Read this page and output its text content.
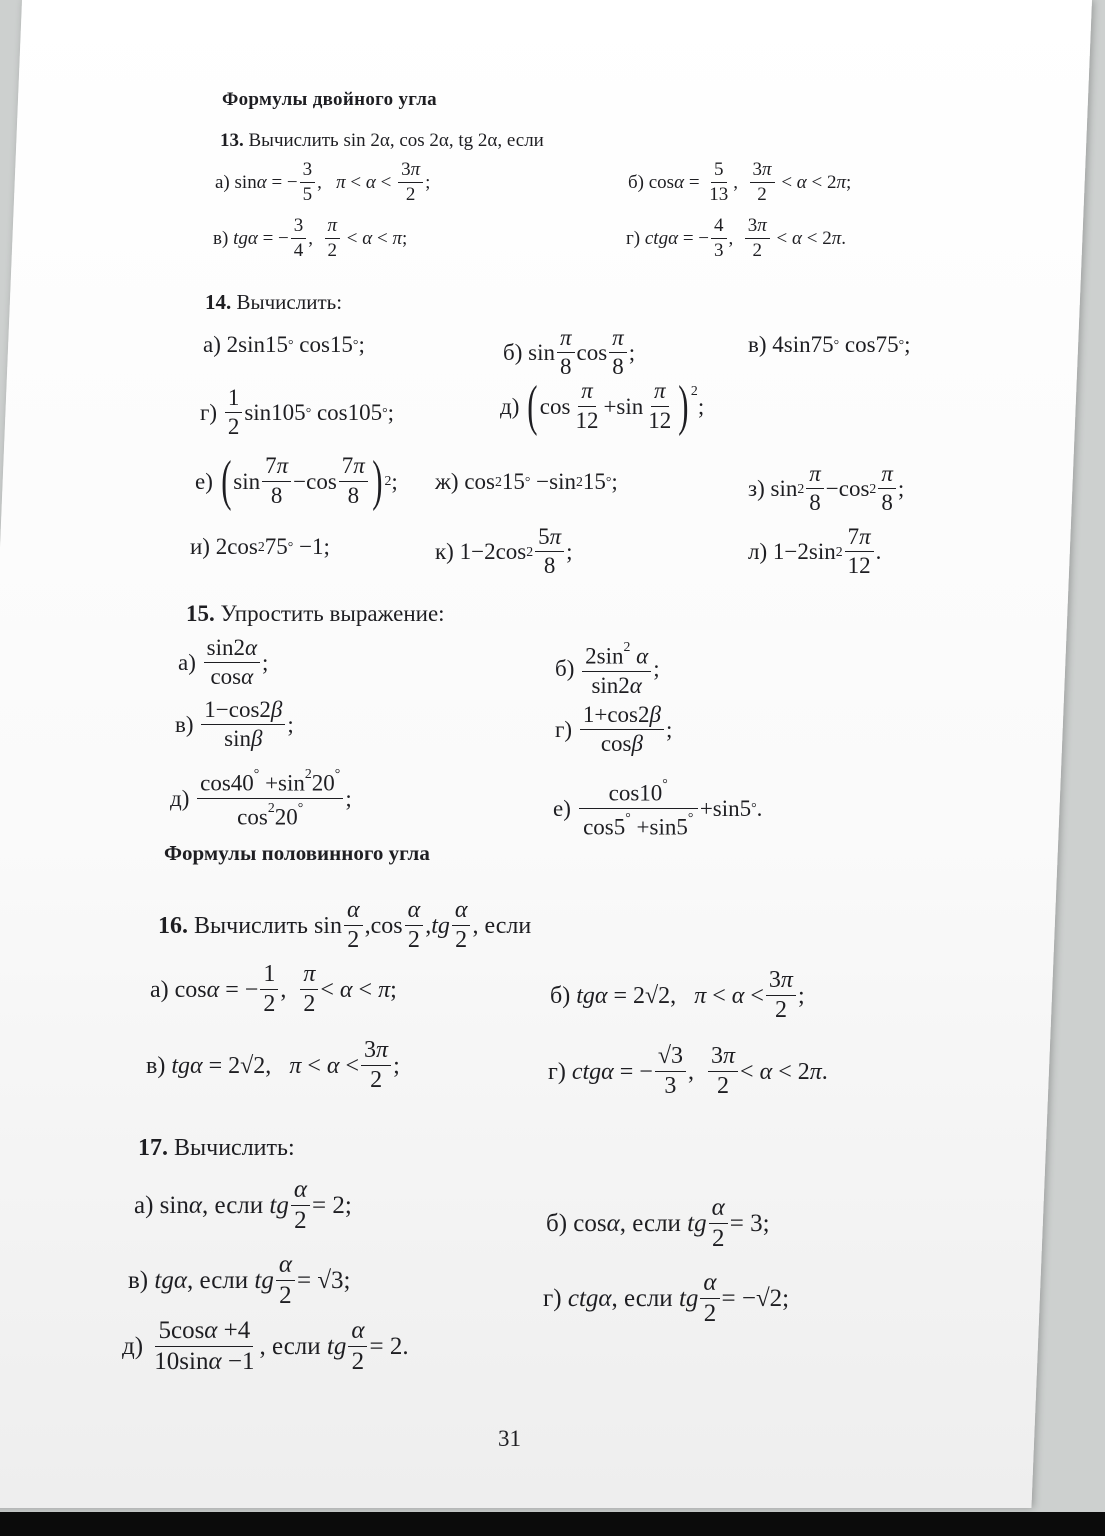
Формулы двойного угла
13.
Вычислить sin 2α, cos 2α, tg 2α, если
а) sin α = −
3
5
, π < α <
3π
2
;	б) cos α =
5
13
,
3π
2
< α < 2 π ;
в)
tgα = −
3
4
,
π
2
< α < π ;	г)
ctgα = −
4
3
,
3π
2
< α < 2 π .
14.
Вычислить:
а) 2sin15 ° cos15 ° ;	б) sin
π
8
cos
π
8
;	в) 4sin75 ° cos75 ° ;
г)

1
2
sin105 ° cos105 ° ;	д)
( cos
π
12
+sin
π
12 )$^2$
;
е)
( sin
7π
8
−cos
7π
8 ) 2 ; ж) cos 2 15 ° −sin 2 15 ° ;	з) sin 2
π
8
−cos 2
π
8
;
и) 2cos 2 75 ° −1;	к) 1−2cos 2
5π
8
;	л) 1−2sin 2
7π
12
.
15.
Упростить выражение:
а)

sin2α
cosα
;	б)

$2\sin^2$ α
sin2α
;
в)

1−cos2β
sinβ
;	г)

1+cos2β
cosβ
;
д)

$\cos 40^\circ +\sin^220^\circ$
$\cos^220^\circ$ ;	е)

cos10°
cos5° +sin5° +sin5 ° .
Формулы половинного угла
16.
Вычислить sin
α
2
,cos
α
2
, tg
α
2
, если
а) cos α = −
1
2
,
π
2
< α < π ;	б)
tgα = 2√2, π < α <
3π
2
;
в)
tgα = 2√2, π < α <
3π
2
;	г)
ctgα = −
√3
3
,
3π
2
< α < 2 π .
17.
Вычислить:
а) sin α , если
tg
α
2
= 2;
б) cos α , если
tg
α
2
= 3;
в)
tgα , если
tg
α
2
= √3;
г)
ctgα , если
tg
α
2
= −√2;
д)

5cosα +4
10sinα −1
, если
tg
α
2
= 2.
31
